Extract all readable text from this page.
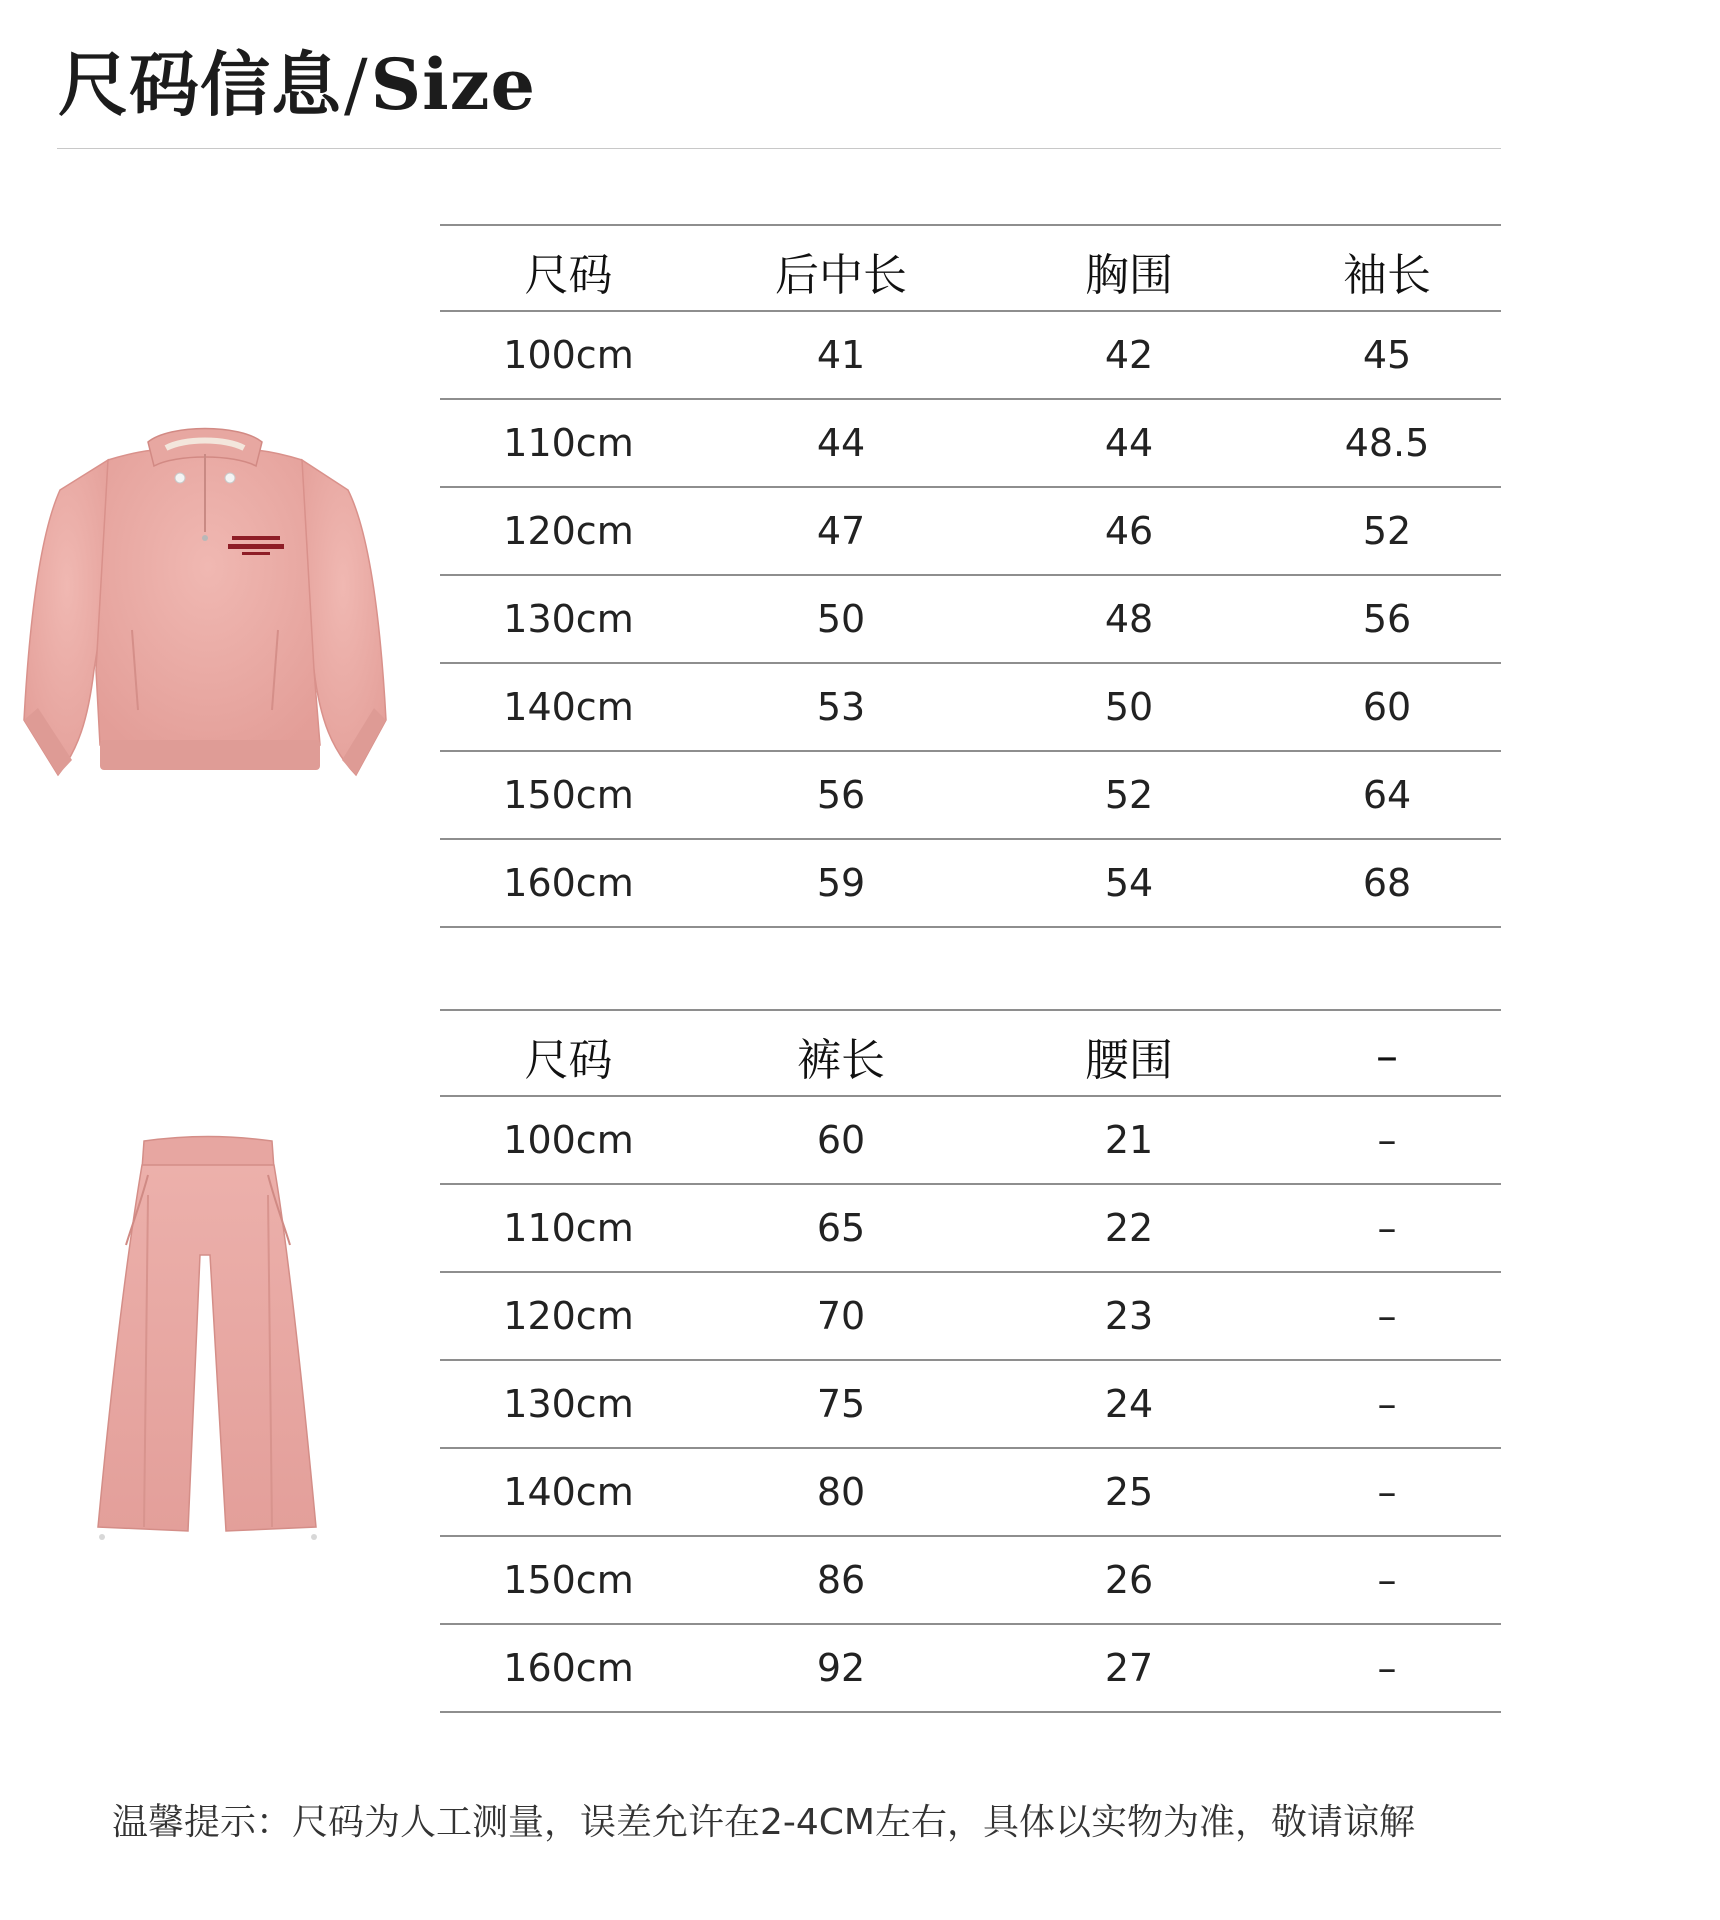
尺码信息/Size
尺码	后中长	胸围	袖长
100cm	41	42	45
110cm	44	44	48.5
120cm	47	46	52
130cm	50	48	56
140cm	53	50	60
150cm	56	52	64
160cm	59	54	68
尺码	裤长	腰围	–
100cm	60	21	–
110cm	65	22	–
120cm	70	23	–
130cm	75	24	–
140cm	80	25	–
150cm	86	26	–
160cm	92	27	–
温馨提示：尺码为人工测量，误差允许在2-4CM左右，具体以实物为准，敬请谅解
